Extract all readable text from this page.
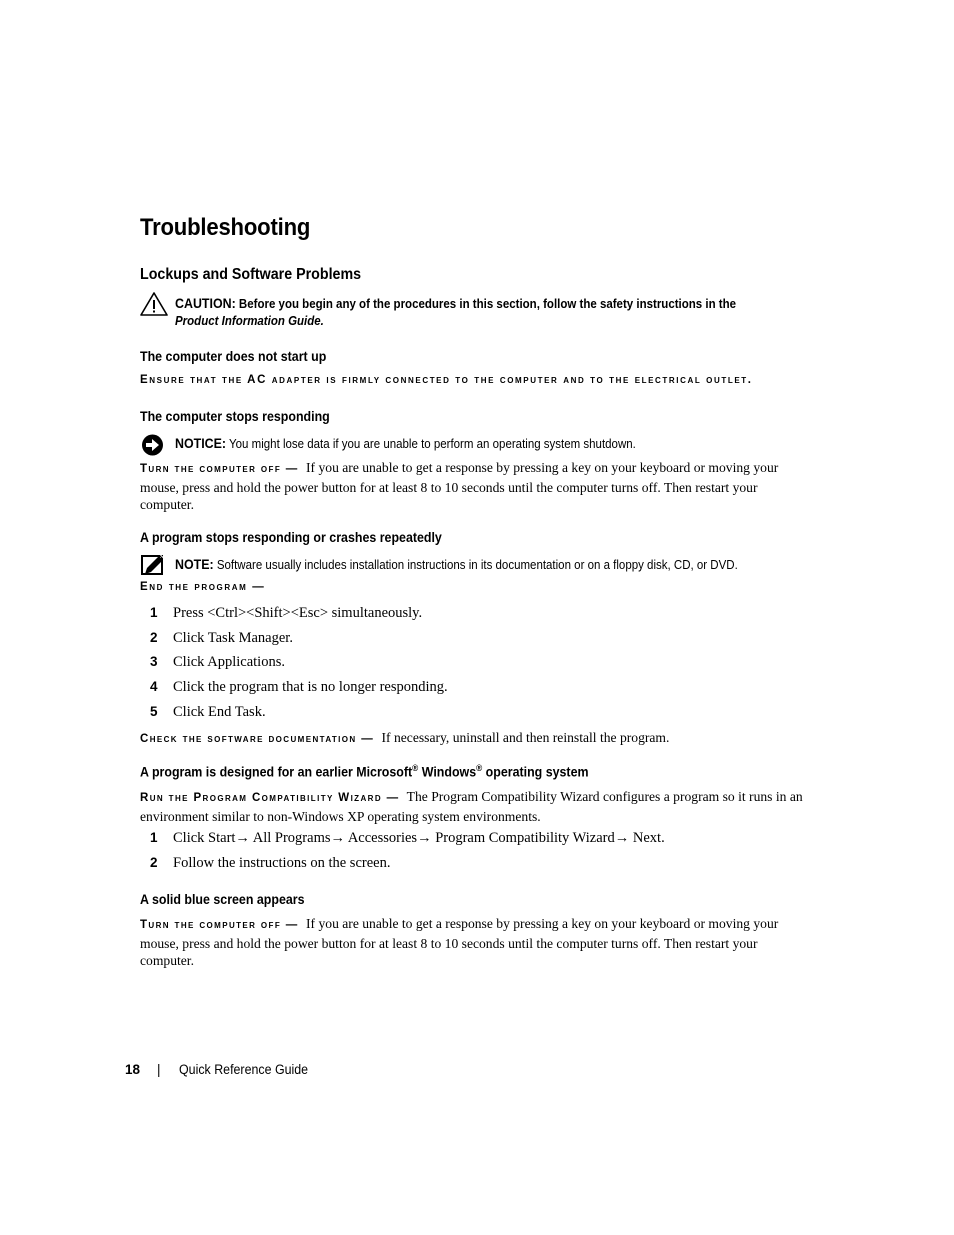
Troubleshooting
Lockups and Software Problems
CAUTION: Before you begin any of the procedures in this section, follow the safety instructions in the
Product Information Guide.
The computer does not start up
Ensure that the AC adapter is firmly connected to the computer and to the electrical outlet.
The computer stops responding
NOTICE: You might lose data if you are unable to perform an operating system shutdown.
Turn the computer off — If you are unable to get a response by pressing a key on your keyboard or moving your mouse, press and hold the power button for at least 8 to 10 seconds until the computer turns off. Then restart your computer.
A program stops responding or crashes repeatedly
NOTE: Software usually includes installation instructions in its documentation or on a floppy disk, CD, or DVD.
End the program —
1 Press <Ctrl><Shift><Esc> simultaneously.
2 Click Task Manager.
3 Click Applications.
4 Click the program that is no longer responding.
5 Click End Task.
Check the software documentation — If necessary, uninstall and then reinstall the program.
A program is designed for an earlier Microsoft® Windows® operating system
Run the Program Compatibility Wizard — The Program Compatibility Wizard configures a program so it runs in an environment similar to non-Windows XP operating system environments.
1 Click Start→ All Programs→ Accessories→ Program Compatibility Wizard→ Next.
2 Follow the instructions on the screen.
A solid blue screen appears
Turn the computer off — If you are unable to get a response by pressing a key on your keyboard or moving your mouse, press and hold the power button for at least 8 to 10 seconds until the computer turns off. Then restart your computer.
18 | Quick Reference Guide
